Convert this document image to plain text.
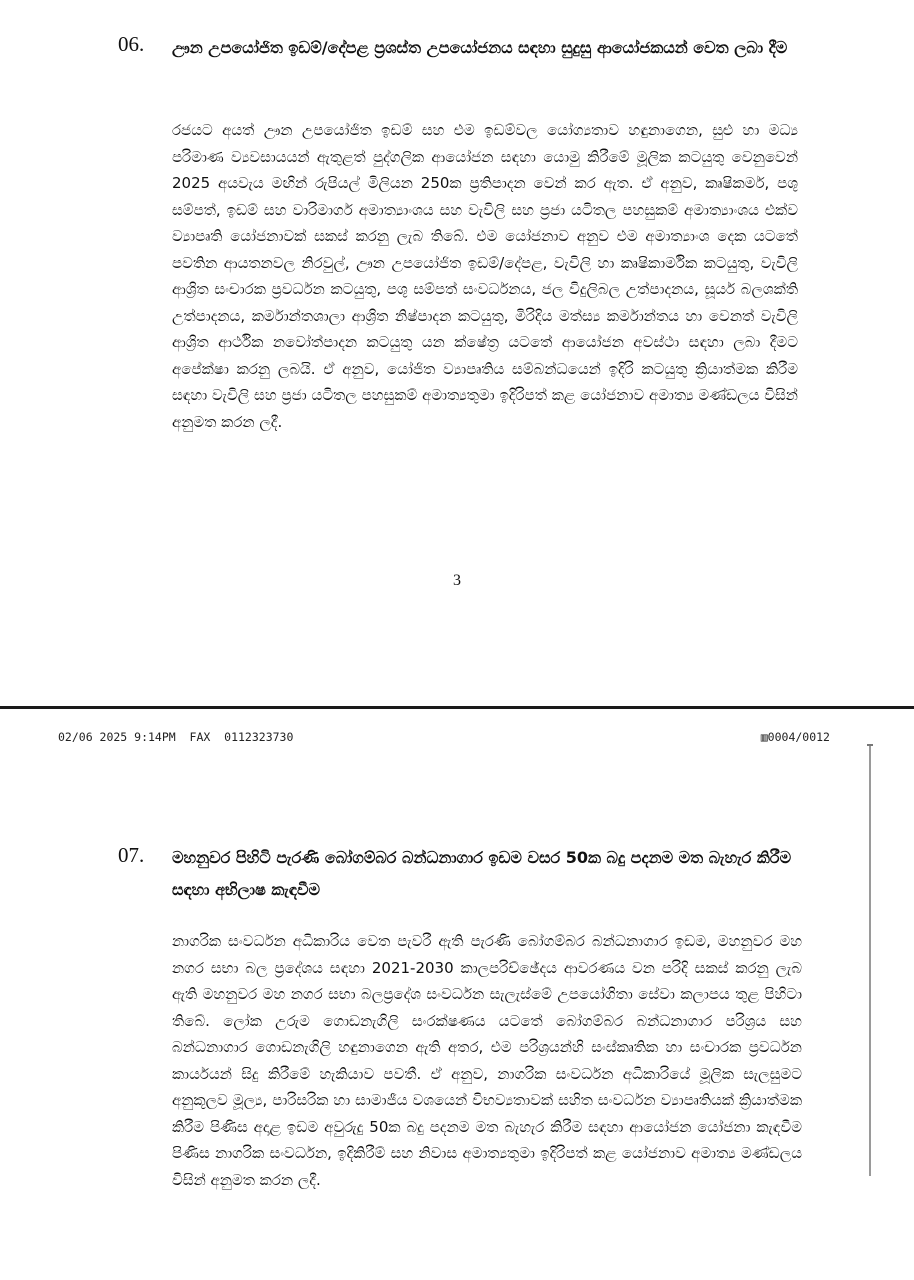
06. ඌන උපයෝජිත ඉඩම්/දේපළ ප්‍රශස්ත උපයෝජනය සඳහා සුදුසු ආයෝජකයන් වෙත ලබා දීම
රජයට අයත් ඌන උපයෝජිත ඉඩම් සහ එම ඉඩම්වල යෝග්‍යතාව හඳුනාගෙන, සුළු හා මධ්‍ය පරිමාණ ව්‍යවසායයන් ඇතුළත් පුද්ගලික ආයෝජන සඳහා යොමු කිරීමේ මූලික කටයුතු වෙනුවෙන් 2025 අයවැය මඟින් රුපියල් මිලියන 250ක ප්‍රතිපාදන වෙන් කර ඇත. ඒ අනුව, කෘෂිකර්ම, පශු සම්පත්, ඉඩම් සහ වාරිමාර්ග අමාත්‍යාංශය සහ වැවිලි සහ ප්‍රජා යටිතල පහසුකම් අමාත්‍යාංශය එක්ව ව්‍යාපෘති යෝජනාවක් සකස් කරනු ලැබ තිබේ. එම යෝජනාව අනුව එම අමාත්‍යාංශ දෙක යටතේ පවතින ආයතනවල නිරවුල්, ඌන උපයෝජිත ඉඩම්/දේපළ, වැවිලි හා කෘෂිකාර්මික කටයුතු, වැවිලි ආශ්‍රිත සංචාරක ප්‍රවර්ධන කටයුතු, පශු සම්පත් සංවර්ධනය, ජල විදුලිබල උත්පාදනය, සූර්ය බලශක්ති උත්පාදනය, කර්මාන්තශාලා ආශ්‍රිත නිෂ්පාදන කටයුතු, මිරිදිය මත්ස්‍ය කර්මාන්තය හා වෙනත් වැවිලි ආශ්‍රිත ආර්ථික නවෝත්පාදන කටයුතු යන ක්ෂේත්‍ර යටතේ ආයෝජන අවස්ථා සඳහා ලබා දීමට අපේක්ෂා කරනු ලබයි. ඒ අනුව, යෝජිත ව්‍යාපෘතිය සම්බන්ධයෙන් ඉදිරි කටයුතු ක්‍රියාත්මක කිරීම සඳහා වැවිලි සහ ප්‍රජා යටිතල පහසුකම් අමාත්‍යතුමා ඉදිරිපත් කළ යෝජනාව අමාත්‍ය මණ්ඩලය විසින් අනුමත කරන ලදී.
3
02/06 2025 9:14PM  FAX  0112323730	▥0004/0012
07. මහනුවර පිහිටි පැරණි බෝගම්බර බන්ධනාගාර ඉඩම වසර 50ක බදු පදනම මත බැහැර කිරීම සඳහා අභිලාෂ කැඳවීම
නාගරික සංවර්ධන අධිකාරිය වෙත පැවරී ඇති පැරණි බෝගම්බර බන්ධනාගාර ඉඩම, මහනුවර මහ නගර සභා බල ප්‍රදේශය සඳහා 2021-2030 කාලපරිච්ඡේදය ආවරණය වන පරිදි සකස් කරනු ලැබ ඇති මහනුවර මහ නගර සභා බලප්‍රදේශ සංවර්ධන සැලැස්මේ උපයෝගිතා සේවා කලාපය තුළ පිහිටා තිබේ. ලෝක උරුම ගොඩනැගිලි සංරක්ෂණය යටතේ බෝගම්බර බන්ධනාගාර පරිශ්‍රය සහ බන්ධනාගාර ගොඩනැගිලි හඳුනාගෙන ඇති අතර, එම පරිශ්‍රයන්හි සංස්කෘතික හා සංචාරක ප්‍රවර්ධන කාර්යයන් සිදු කිරීමේ හැකියාව පවතී. ඒ අනුව, නාගරික සංවර්ධන අධිකාරියේ මූලික සැලසුමට අනුකූලව මූල්‍ය, පාරිසරික හා සාමාජීය වශයෙන් විභව්‍යතාවක් සහිත සංවර්ධන ව්‍යාපෘතියක් ක්‍රියාත්මක කිරීම පිණිස අදාළ ඉඩම අවුරුදු 50ක බදු පදනම මත බැහැර කිරීම සඳහා ආයෝජන යෝජනා කැඳවීම පිණිස නාගරික සංවර්ධන, ඉදිකිරීම් සහ නිවාස අමාත්‍යතුමා ඉදිරිපත් කළ යෝජනාව අමාත්‍ය මණ්ඩලය විසින් අනුමත කරන ලදී.
